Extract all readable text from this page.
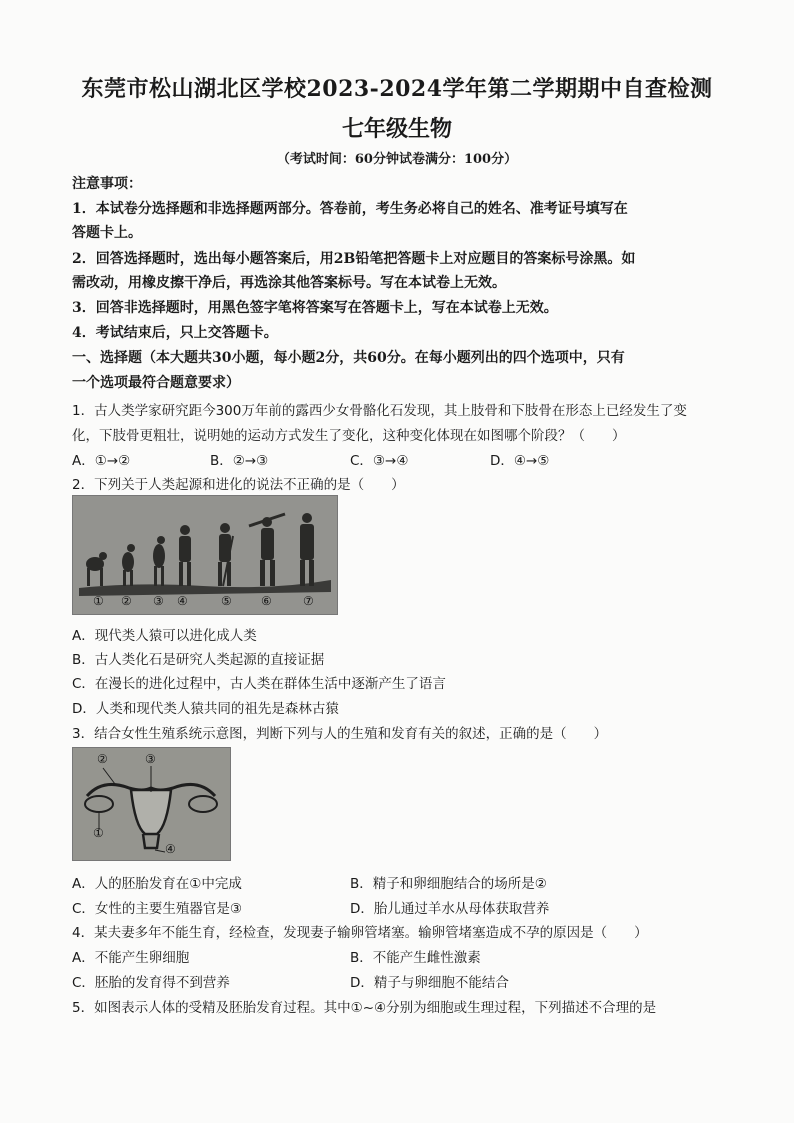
东莞市松山湖北区学校2023-2024学年第二学期期中自查检测
七年级生物
（考试时间：60分钟试卷满分：100分）
注意事项：
1．本试卷分选择题和非选择题两部分。答卷前，考生务必将自己的姓名、准考证号填写在
答题卡上。
2．回答选择题时，选出每小题答案后，用2B铅笔把答题卡上对应题目的答案标号涂黑。如
需改动，用橡皮擦干净后，再选涂其他答案标号。写在本试卷上无效。
3．回答非选择题时，用黑色签字笔将答案写在答题卡上，写在本试卷上无效。
4．考试结束后，只上交答题卡。
一、选择题（本大题共30小题，每小题2分，共60分。在每小题列出的四个选项中，只有
一个选项最符合题意要求）
1．古人类学家研究距今300万年前的露西少女骨骼化石发现，其上肢骨和下肢骨在形态上已经发生了变
化，下肢骨更粗壮，说明她的运动方式发生了变化，这种变化体现在如图哪个阶段？（　　）
A．①→②	B．②→③	C．③→④	D．④→⑤
2．下列关于人类起源和进化的说法不正确的是（　　）
① ② ③ ④	⑤ ⑥	⑦
A．现代类人猿可以进化成人类
B．古人类化石是研究人类起源的直接证据
C．在漫长的进化过程中，古人类在群体生活中逐渐产生了语言
D．人类和现代类人猿共同的祖先是森林古猿
3．结合女性生殖系统示意图，判断下列与人的生殖和发育有关的叙述，正确的是（　　）
②	③
①
④
A．人的胚胎发育在①中完成	B．精子和卵细胞结合的场所是②
C．女性的主要生殖器官是③	D．胎儿通过羊水从母体获取营养
4．某夫妻多年不能生育，经检查，发现妻子输卵管堵塞。输卵管堵塞造成不孕的原因是（　　）
A．不能产生卵细胞	B．不能产生雌性激素
C．胚胎的发育得不到营养	D．精子与卵细胞不能结合
5．如图表示人体的受精及胚胎发育过程。其中①~④分别为细胞或生理过程，下列描述不合理的是
